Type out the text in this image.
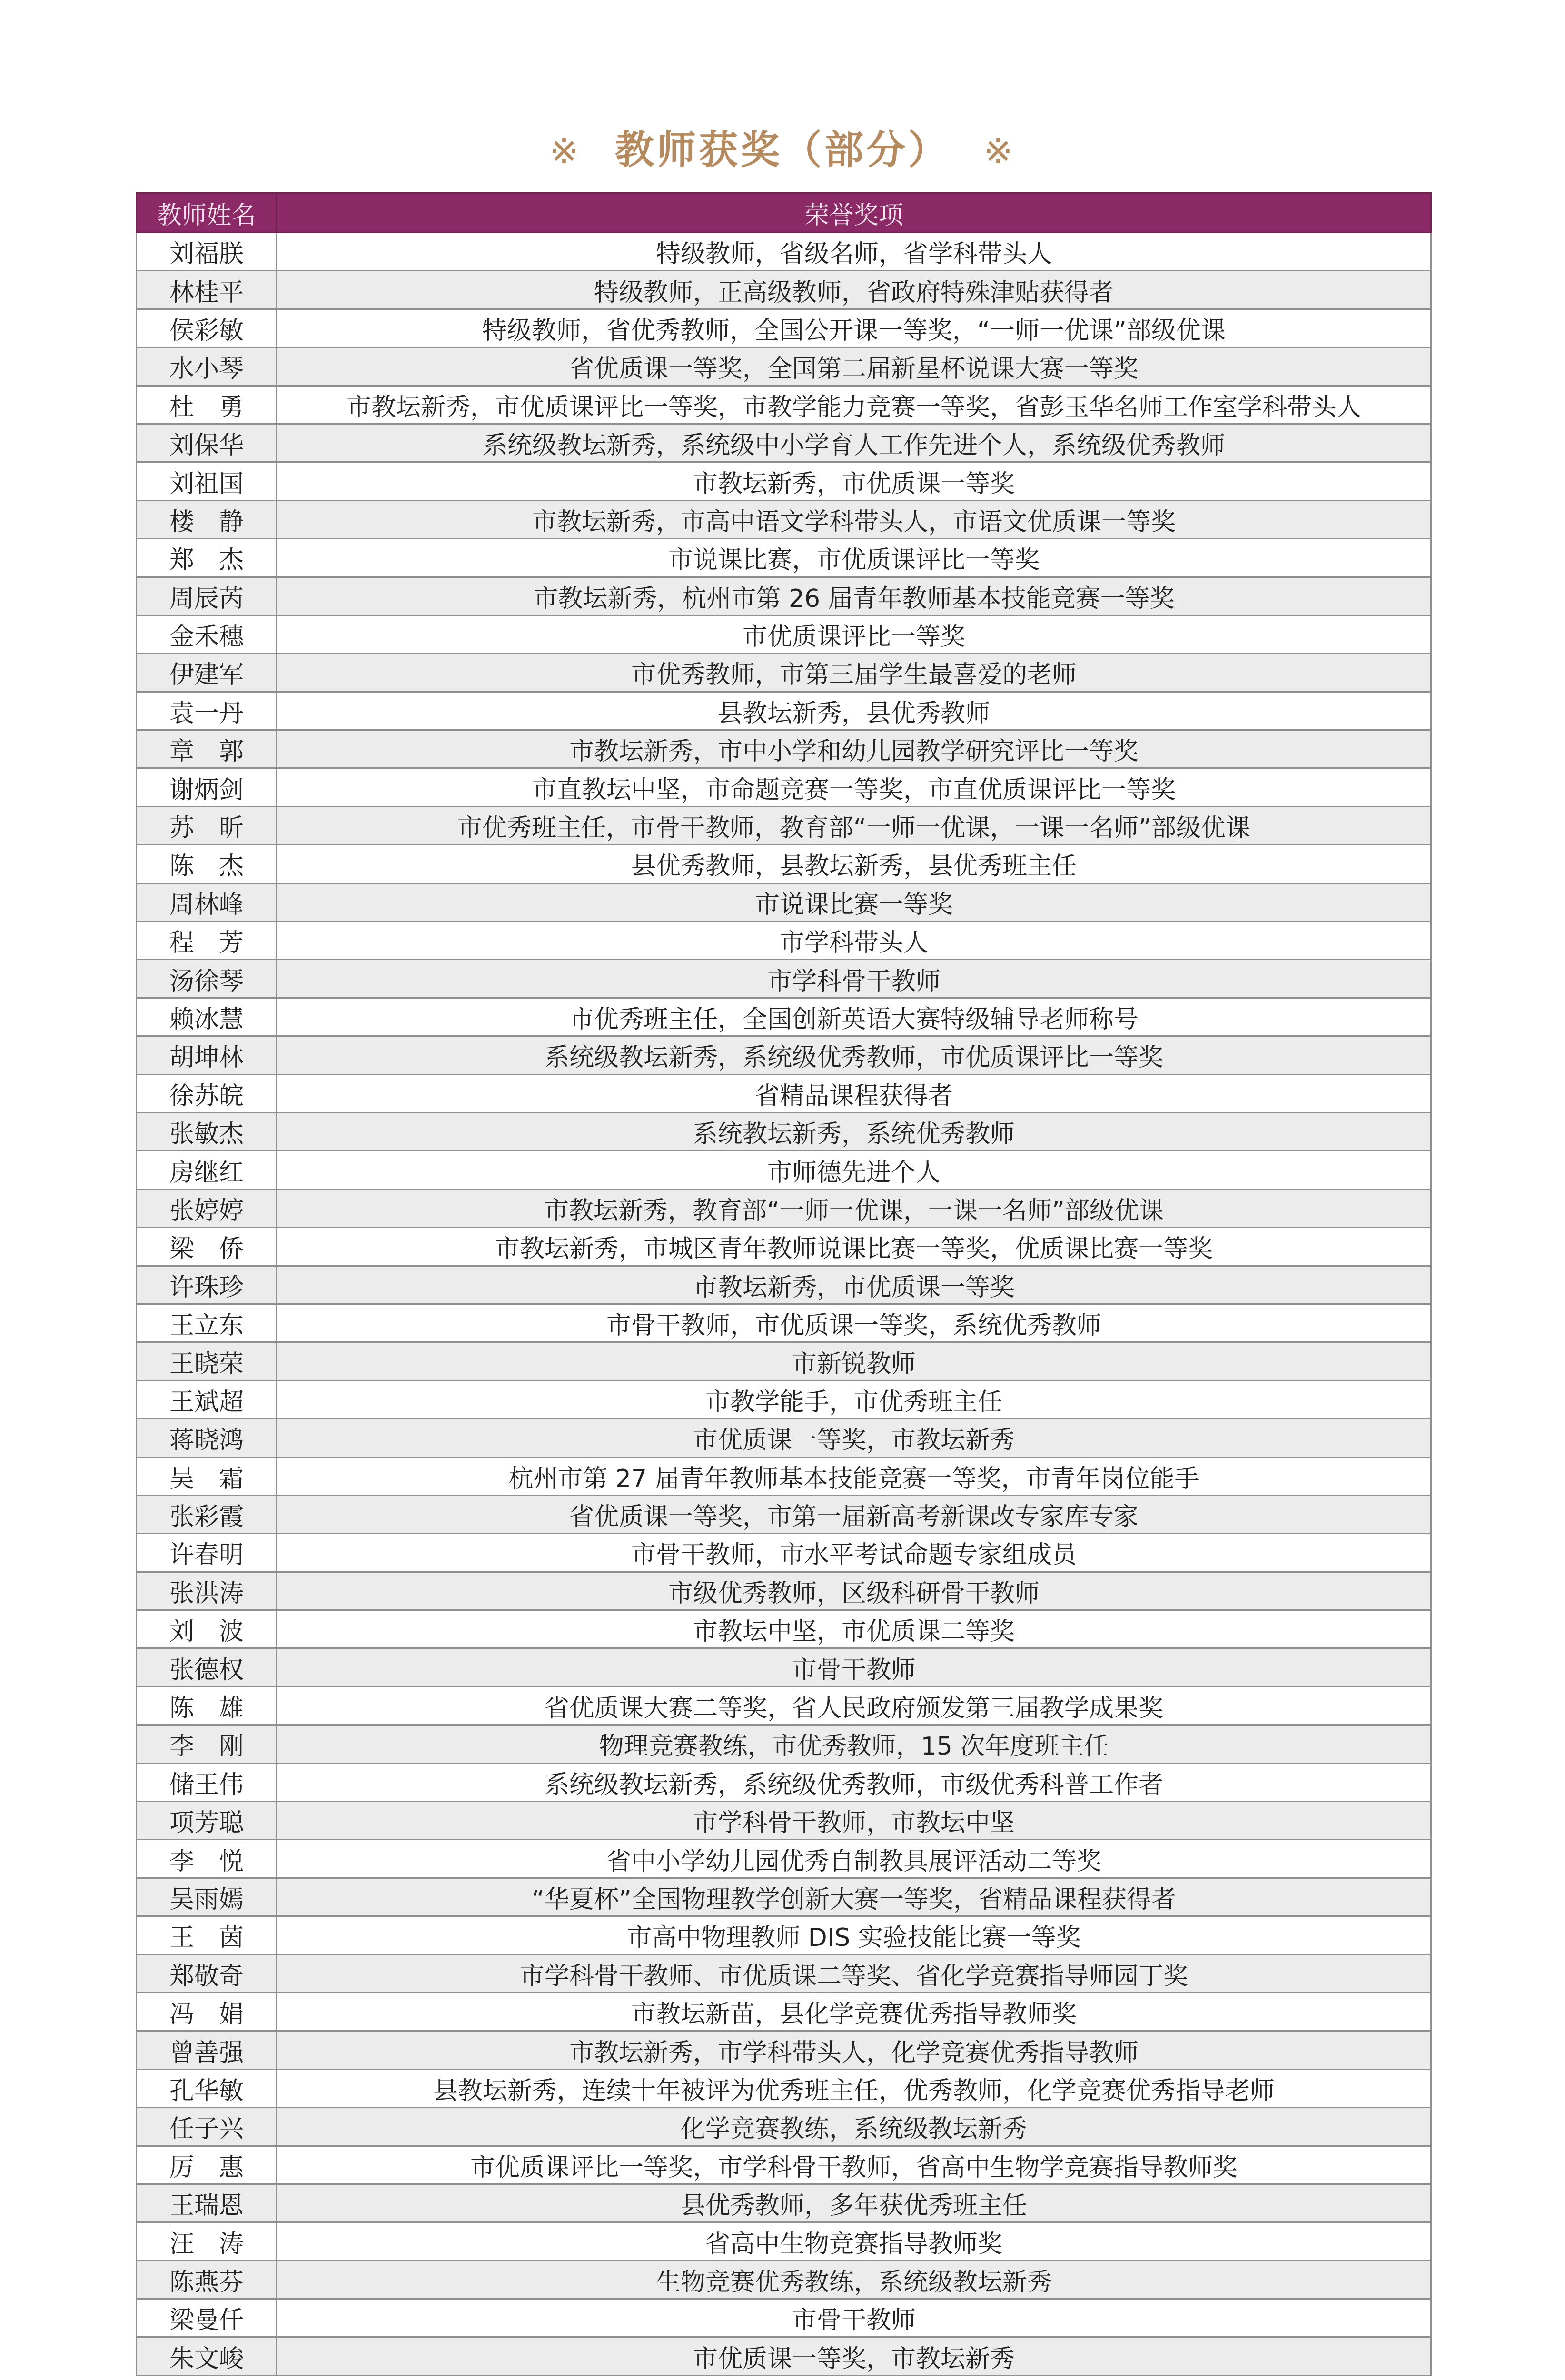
※ 教师获奖（部分） ※
教师姓名	荣誉奖项
刘福朕	特级教师，省级名师，省学科带头人
林桂平	特级教师，正高级教师，省政府特殊津贴获得者
侯彩敏	特级教师，省优秀教师，全国公开课一等奖，“一师一优课”部级优课
水小琴	省优质课一等奖，全国第二届新星杯说课大赛一等奖
杜　勇	市教坛新秀，市优质课评比一等奖，市教学能力竞赛一等奖，省彭玉华名师工作室学科带头人
刘保华	系统级教坛新秀，系统级中小学育人工作先进个人，系统级优秀教师
刘祖国	市教坛新秀，市优质课一等奖
楼　静	市教坛新秀，市高中语文学科带头人，市语文优质课一等奖
郑　杰	市说课比赛，市优质课评比一等奖
周辰芮	市教坛新秀，杭州市第 26 届青年教师基本技能竞赛一等奖
金禾穗	市优质课评比一等奖
伊建军	市优秀教师，市第三届学生最喜爱的老师
袁一丹	县教坛新秀，县优秀教师
章　郭	市教坛新秀，市中小学和幼儿园教学研究评比一等奖
谢炳剑	市直教坛中坚，市命题竞赛一等奖，市直优质课评比一等奖
苏　昕	市优秀班主任，市骨干教师，教育部“一师一优课，一课一名师”部级优课
陈　杰	县优秀教师，县教坛新秀，县优秀班主任
周林峰	市说课比赛一等奖
程　芳	市学科带头人
汤徐琴	市学科骨干教师
赖冰慧	市优秀班主任，全国创新英语大赛特级辅导老师称号
胡坤林	系统级教坛新秀，系统级优秀教师，市优质课评比一等奖
徐苏皖	省精品课程获得者
张敏杰	系统教坛新秀，系统优秀教师
房继红	市师德先进个人
张婷婷	市教坛新秀，教育部“一师一优课，一课一名师”部级优课
梁　侨	市教坛新秀，市城区青年教师说课比赛一等奖，优质课比赛一等奖
许珠珍	市教坛新秀，市优质课一等奖
王立东	市骨干教师，市优质课一等奖，系统优秀教师
王晓荣	市新锐教师
王斌超	市教学能手，市优秀班主任
蒋晓鸿	市优质课一等奖，市教坛新秀
吴　霜	杭州市第 27 届青年教师基本技能竞赛一等奖，市青年岗位能手
张彩霞	省优质课一等奖，市第一届新高考新课改专家库专家
许春明	市骨干教师，市水平考试命题专家组成员
张洪涛	市级优秀教师，区级科研骨干教师
刘　波	市教坛中坚，市优质课二等奖
张德权	市骨干教师
陈　雄	省优质课大赛二等奖，省人民政府颁发第三届教学成果奖
李　刚	物理竞赛教练，市优秀教师，15 次年度班主任
储王伟	系统级教坛新秀，系统级优秀教师，市级优秀科普工作者
项芳聪	市学科骨干教师，市教坛中坚
李　悦	省中小学幼儿园优秀自制教具展评活动二等奖
吴雨嫣	“华夏杯”全国物理教学创新大赛一等奖，省精品课程获得者
王　茵	市高中物理教师 DIS 实验技能比赛一等奖
郑敬奇	市学科骨干教师、市优质课二等奖、省化学竞赛指导师园丁奖
冯　娟	市教坛新苗，县化学竞赛优秀指导教师奖
曾善强	市教坛新秀，市学科带头人，化学竞赛优秀指导教师
孔华敏	县教坛新秀，连续十年被评为优秀班主任，优秀教师，化学竞赛优秀指导老师
任子兴	化学竞赛教练，系统级教坛新秀
厉　惠	市优质课评比一等奖，市学科骨干教师，省高中生物学竞赛指导教师奖
王瑞恩	县优秀教师，多年获优秀班主任
汪　涛	省高中生物竞赛指导教师奖
陈燕芬	生物竞赛优秀教练，系统级教坛新秀
梁曼仟	市骨干教师
朱文峻	市优质课一等奖，市教坛新秀
